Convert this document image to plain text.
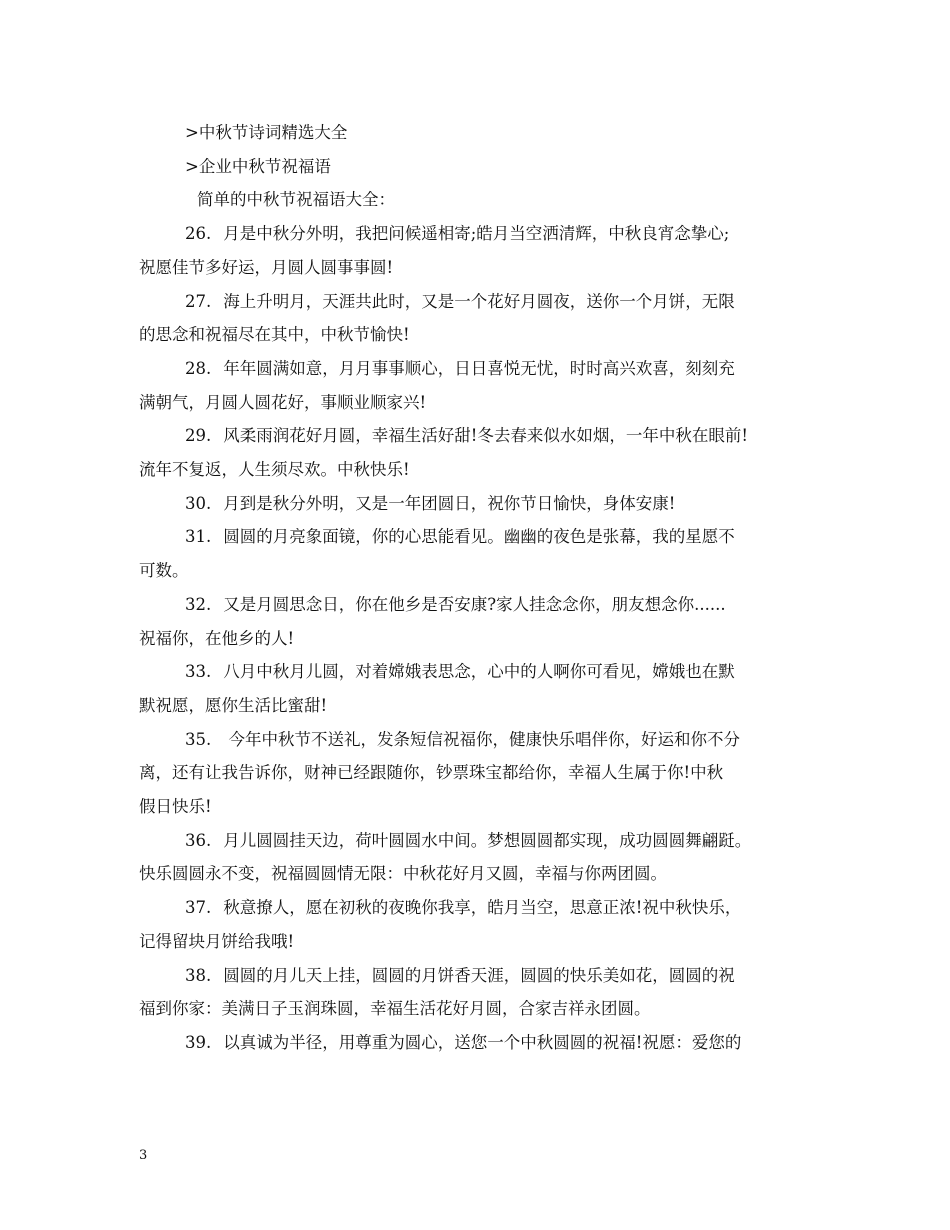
>中秋节诗词精选大全
>企业中秋节祝福语
简单的中秋节祝福语大全：
26. 月是中秋分外明，我把问候遥相寄;皓月当空洒清辉，中秋良宵念挚心;
祝愿佳节多好运，月圆人圆事事圆!
27. 海上升明月，天涯共此时，又是一个花好月圆夜，送你一个月饼，无限
的思念和祝福尽在其中，中秋节愉快!
28. 年年圆满如意，月月事事顺心，日日喜悦无忧，时时高兴欢喜，刻刻充
满朝气，月圆人圆花好，事顺业顺家兴!
29. 风柔雨润花好月圆，幸福生活好甜!冬去春来似水如烟，一年中秋在眼前!
流年不复返，人生须尽欢。中秋快乐!
30. 月到是秋分外明，又是一年团圆日，祝你节日愉快，身体安康!
31. 圆圆的月亮象面镜，你的心思能看见。幽幽的夜色是张幕，我的星愿不
可数。
32. 又是月圆思念日，你在他乡是否安康?家人挂念念你，朋友想念你......
祝福你，在他乡的人!
33. 八月中秋月儿圆，对着嫦娥表思念，心中的人啊你可看见，嫦娥也在默
默祝愿，愿你生活比蜜甜!
35. 今年中秋节不送礼，发条短信祝福你，健康快乐唱伴你，好运和你不分
离，还有让我告诉你，财神已经跟随你，钞票珠宝都给你，幸福人生属于你!中秋
假日快乐!
36. 月儿圆圆挂天边，荷叶圆圆水中间。梦想圆圆都实现，成功圆圆舞翩跹。
快乐圆圆永不变，祝福圆圆情无限：中秋花好月又圆，幸福与你两团圆。
37. 秋意撩人，愿在初秋的夜晚你我享，皓月当空，思意正浓!祝中秋快乐，
记得留块月饼给我哦!
38. 圆圆的月儿天上挂，圆圆的月饼香天涯，圆圆的快乐美如花，圆圆的祝
福到你家：美满日子玉润珠圆，幸福生活花好月圆，合家吉祥永团圆。
39. 以真诚为半径，用尊重为圆心，送您一个中秋圆圆的祝福!祝愿：爱您的
3
